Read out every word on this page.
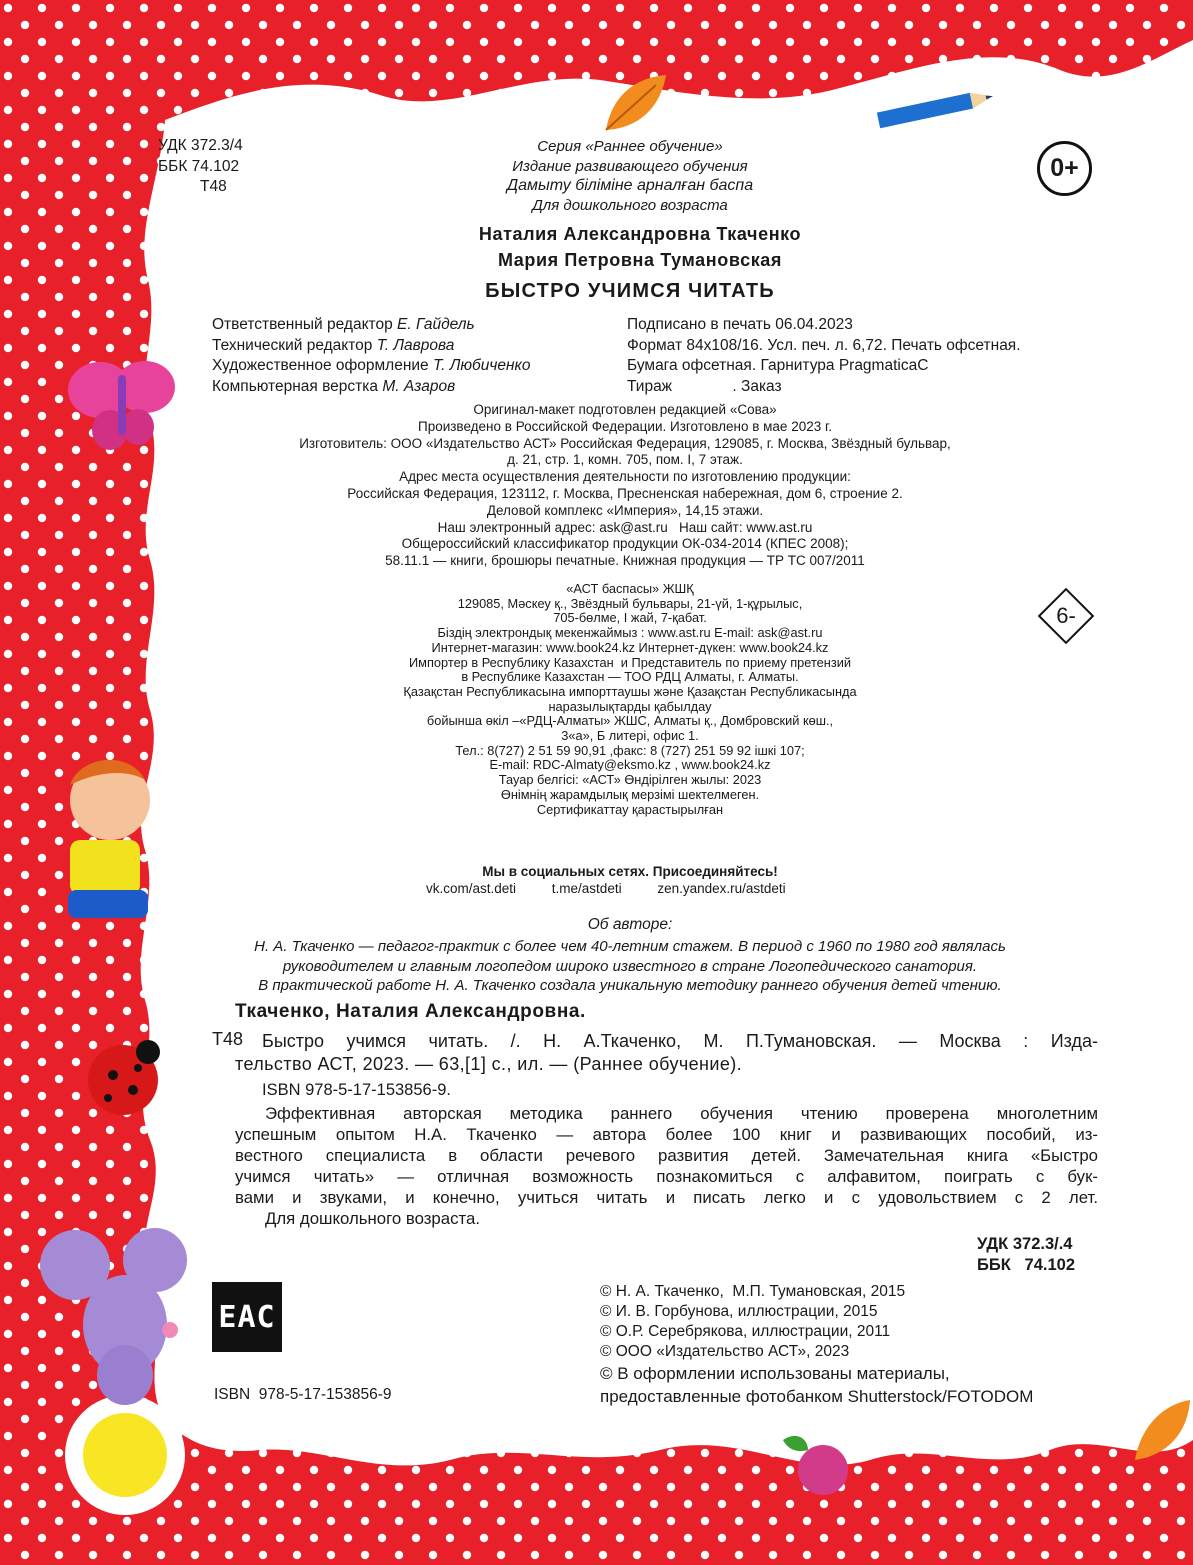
УДК 372.3/4
ББК 74.102
Т48
Серия «Раннее обучение»
Издание развивающего обучения
Дамыту біліміне арналған баспа
Для дошкольного возраста
0+
Наталия Александровна Ткаченко
Мария Петровна Тумановская
БЫСТРО УЧИМСЯ ЧИТАТЬ
Ответственный редактор Е. Гайдель
Технический редактор Т. Лаврова
Художественное оформление Т. Любиченко
Компьютерная верстка М. Азаров
Подписано в печать 06.04.2023
Формат 84x108/16. Усл. печ. л. 6,72. Печать офсетная.
Бумага офсетная. Гарнитура PragmaticaC
Тираж              . Заказ
Оригинал-макет подготовлен редакцией «Сова»
Произведено в Российской Федерации. Изготовлено в мае 2023 г.
Изготовитель: ООО «Издательство АСТ» Российская Федерация, 129085, г. Москва, Звёздный бульвар,
д. 21, стр. 1, комн. 705, пом. I, 7 этаж.
Адрес места осуществления деятельности по изготовлению продукции:
Российская Федерация, 123112, г. Москва, Пресненская набережная, дом 6, строение 2.
Деловой комплекс «Империя», 14,15 этажи.
Наш электронный адрес: ask@ast.ru   Наш сайт: www.ast.ru
Общероссийский классификатор продукции ОК-034-2014 (КПЕС 2008);
58.11.1 — книги, брошюры печатные. Книжная продукция — ТР ТС 007/2011
«АСТ баспасы» ЖШҚ
129085, Мәскеу қ., Звёздный бульвары, 21-үй, 1-құрылыс,
705-бөлме, I жай, 7-қабат.
Біздің электрондық мекенжаймыз : www.ast.ru E-mail: ask@ast.ru
Интернет-магазин: www.book24.kz Интернет-дүкен: www.book24.kz
Импортер в Республику Казахстан  и Представитель по приему претензий
в Республике Казахстан — ТОО РДЦ Алматы, г. Алматы.
Қазақстан Республикасына импорттаушы және Қазақстан Республикасында
наразылықтарды қабылдау
бойынша өкіл –«РДЦ-Алматы» ЖШС, Алматы қ., Домбровский көш.,
3«а», Б литері, офис 1.
Тел.: 8(727) 2 51 59 90,91 ,факс: 8 (727) 251 59 92 ішкі 107;
E-mail: RDC-Almaty@eksmo.kz , www.book24.kz
Тауар белгісі: «АСТ» Өндірілген жылы: 2023
Өнімнің жарамдылық мерзімі шектелмеген.
Сертификаттау қарастырылған
6-
Мы в социальных сетях. Присоединяйтесь!
vk.com/ast.deti	t.me/astdeti	zen.yandex.ru/astdeti
Об авторе:
Н. А. Ткаченко — педагог-практик с более чем 40-летним стажем. В период с 1960 по 1980 год являлась
руководителем и главным логопедом широко известного в стране Логопедического санатория.
В практической работе Н. А. Ткаченко создала уникальную методику раннего обучения детей чтению.
Ткаченко, Наталия Александровна.
Т48 Быстро учимся читать. /. Н. А.Ткаченко, М. П.Тумановская. — Москва : Изда-
тельство АСТ, 2023. — 63,[1] с., ил. — (Раннее обучение).
ISBN 978-5-17-153856-9.
Эффективная авторская методика раннего обучения чтению проверена многолетним
успешным опытом Н.А. Ткаченко — автора более 100 книг и развивающих пособий, из-
вестного специалиста в области речевого развития детей. Замечательная книга «Быстро
учимся читать» — отличная возможность познакомиться с алфавитом, поиграть с бук-
вами и звуками, и конечно, учиться читать и писать легко и с удовольствием с 2 лет.
Для дошкольного возраста.
УДК 372.3/.4
ББК   74.102
EAC
ISBN  978-5-17-153856-9
© Н. А. Ткаченко,  М.П. Тумановская, 2015
© И. В. Горбунова, иллюстрации, 2015
© О.Р. Серебрякова, иллюстрации, 2011
© ООО «Издательство АСТ», 2023
© В оформлении использованы материалы,
предоставленные фотобанком Shutterstock/FOTODOM
